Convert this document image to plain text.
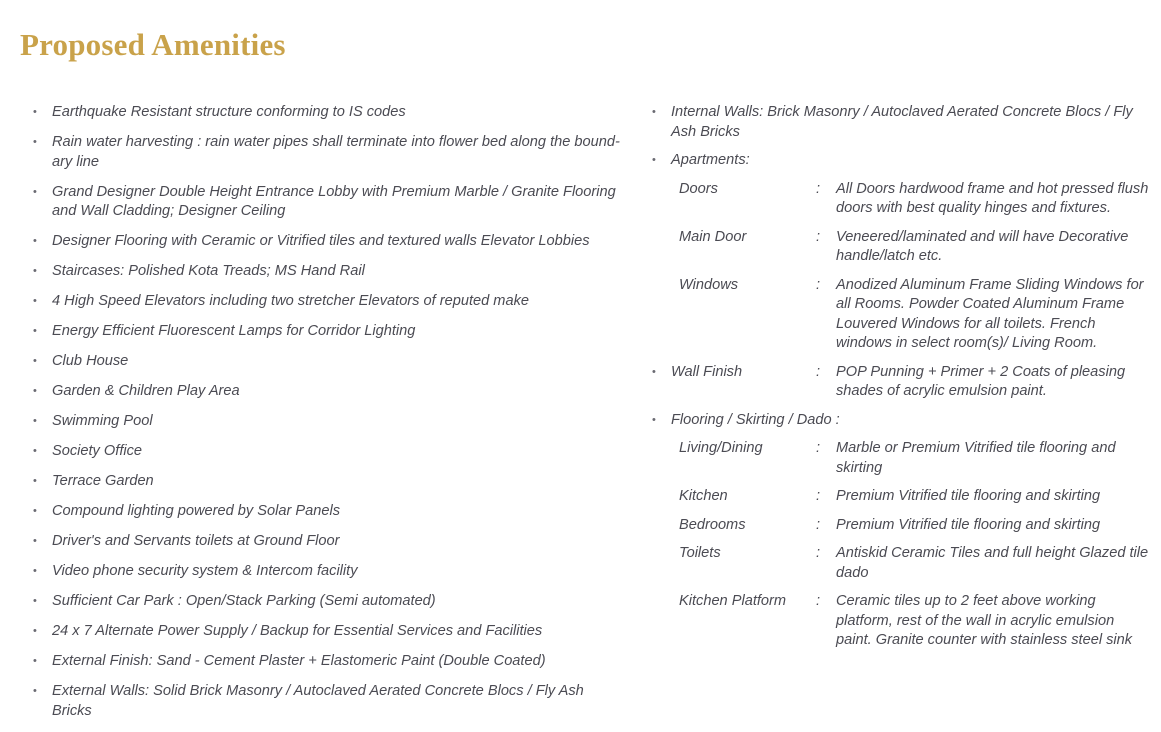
Proposed Amenities
• Earthquake Resistant structure conforming to IS codes
• Rain water harvesting : rain water pipes shall terminate into flower bed along the bound-ary line
• Grand Designer Double Height Entrance Lobby with Premium Marble / Granite Flooring and Wall Cladding; Designer Ceiling
• Designer Flooring with Ceramic or Vitrified tiles and textured walls Elevator Lobbies
• Staircases: Polished Kota Treads; MS Hand Rail
• 4 High Speed Elevators including two stretcher Elevators of reputed make
• Energy Efficient Fluorescent Lamps for Corridor Lighting
• Club House
• Garden & Children Play Area
• Swimming Pool
• Society Office
• Terrace Garden
• Compound lighting powered by Solar Panels
• Driver's and Servants toilets at Ground Floor
• Video phone security system & Intercom facility
• Sufficient Car Park : Open/Stack Parking (Semi automated)
• 24 x 7 Alternate Power Supply / Backup for Essential Services and Facilities
• External Finish: Sand - Cement Plaster + Elastomeric Paint (Double Coated)
• External Walls: Solid Brick Masonry / Autoclaved Aerated Concrete Blocs / Fly Ash Bricks
• Internal Walls: Brick Masonry / Autoclaved Aerated Concrete Blocs / Fly Ash Bricks
• Apartments:
Doors	:	All Doors hardwood frame and hot pressed flush doors with best quality hinges and fixtures.
Main Door	:	Veneered/laminated and will have Decorative handle/latch etc.
Windows	:	Anodized Aluminum Frame Sliding Windows for all Rooms. Powder Coated Aluminum Frame Louvered Windows for all toilets. French windows in select room(s)/ Living Room.
• Wall Finish	:	POP Punning + Primer + 2 Coats of pleasing shades of acrylic emulsion paint.
• Flooring / Skirting / Dado :
Living/Dining	:	Marble or Premium Vitrified tile flooring and skirting
Kitchen	:	Premium Vitrified tile flooring and skirting
Bedrooms	:	Premium Vitrified tile flooring and skirting
Toilets	:	Antiskid Ceramic Tiles and full height Glazed tile dado
Kitchen Platform	:	Ceramic tiles up to 2 feet above working platform, rest of the wall in acrylic emulsion paint. Granite counter with stainless steel sink
